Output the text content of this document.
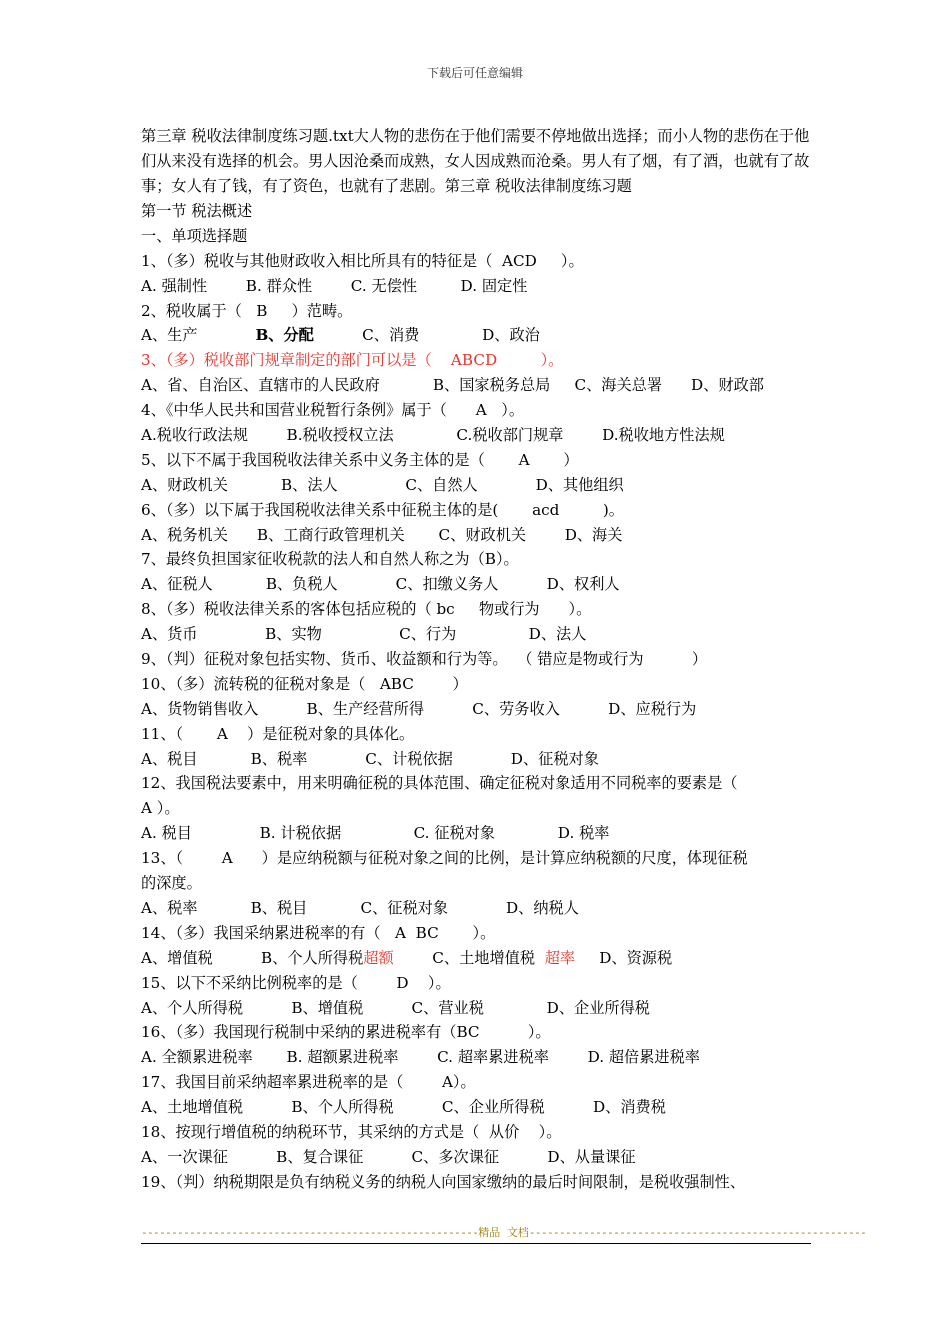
下载后可任意编辑
第三章 税收法律制度练习题.txt大人物的悲伤在于他们需要不停地做出选择；而小人物的悲伤在于他们从来没有选择的机会。男人因沧桑而成熟，女人因成熟而沧桑。男人有了烟，有了酒，也就有了故事；女人有了钱，有了资色，也就有了悲剧。第三章 税收法律制度练习题
第一节 税法概述
一、单项选择题
1、（多）税收与其他财政收入相比所具有的特征是（  ACD     ）。
A. 强制性        B. 群众性        C. 无偿性         D. 固定性
2、税收属于（   B     ）范畴。
A、生产            B、分配          C、消费             D、政治
3、（多）税收部门规章制定的部门可以是（    ABCD         ）。
A、省、自治区、直辖市的人民政府           B、国家税务总局     C、海关总署      D、财政部
4、《中华人民共和国营业税暂行条例》属于（      A   ）。
A.税收行政法规        B.税收授权立法             C.税收部门规章        D.税收地方性法规
5、以下不属于我国税收法律关系中义务主体的是（       A       ）
A、财政机关           B、法人              C、自然人            D、其他组织
6、（多）以下属于我国税收法律关系中征税主体的是(       acd         )。
A、税务机关      B、工商行政管理机关       C、财政机关        D、海关
7、最终负担国家征收税款的法人和自然人称之为（B）。
A、征税人           B、负税人            C、扣缴义务人          D、权利人
8、（多）税收法律关系的客体包括应税的（ bc     物或行为      ）。
A、货币              B、实物                C、行为               D、法人
9、（判）征税对象包括实物、货币、收益额和行为等。  （ 错应是物或行为          ）
10、（多）流转税的征税对象是（   ABC        ）
A、货物销售收入          B、生产经营所得          C、劳务收入          D、应税行为
11、（       A    ）是征税对象的具体化。
A、税目           B、税率            C、计税依据            D、征税对象
12、我国税法要素中，用来明确征税的具体范围、确定征税对象适用不同税率的要素是（
A ）。
A. 税目              B. 计税依据               C. 征税对象             D. 税率
13、（        A      ）是应纳税额与征税对象之间的比例，是计算应纳税额的尺度，体现征税
的深度。
A、税率           B、税目           C、征税对象            D、纳税人
14、（多）我国采纳累进税率的有（   A  BC       ）。
A、增值税          B、个人所得税超额        C、土地增值税  超率     D、资源税
15、以下不采纳比例税率的是（        D    ）。
A、个人所得税          B、增值税          C、营业税             D、企业所得税
16、（多）我国现行税制中采纳的累进税率有（BC          ）。
A. 全额累进税率       B. 超额累进税率        C. 超率累进税率        D. 超倍累进税率
17、我国目前采纳超率累进税率的是（        A）。
A、土地增值税          B、个人所得税          C、企业所得税          D、消费税
18、按现行增值税的纳税环节，其采纳的方式是（  从价    ）。
A、一次课征          B、复合课征          C、多次课征          D、从量课征
19、（判）纳税期限是负有纳税义务的纳税人向国家缴纳的最后时间限制，是税收强制性、
--------------------------------------------------------精品 文档--------------------------------------------------------
